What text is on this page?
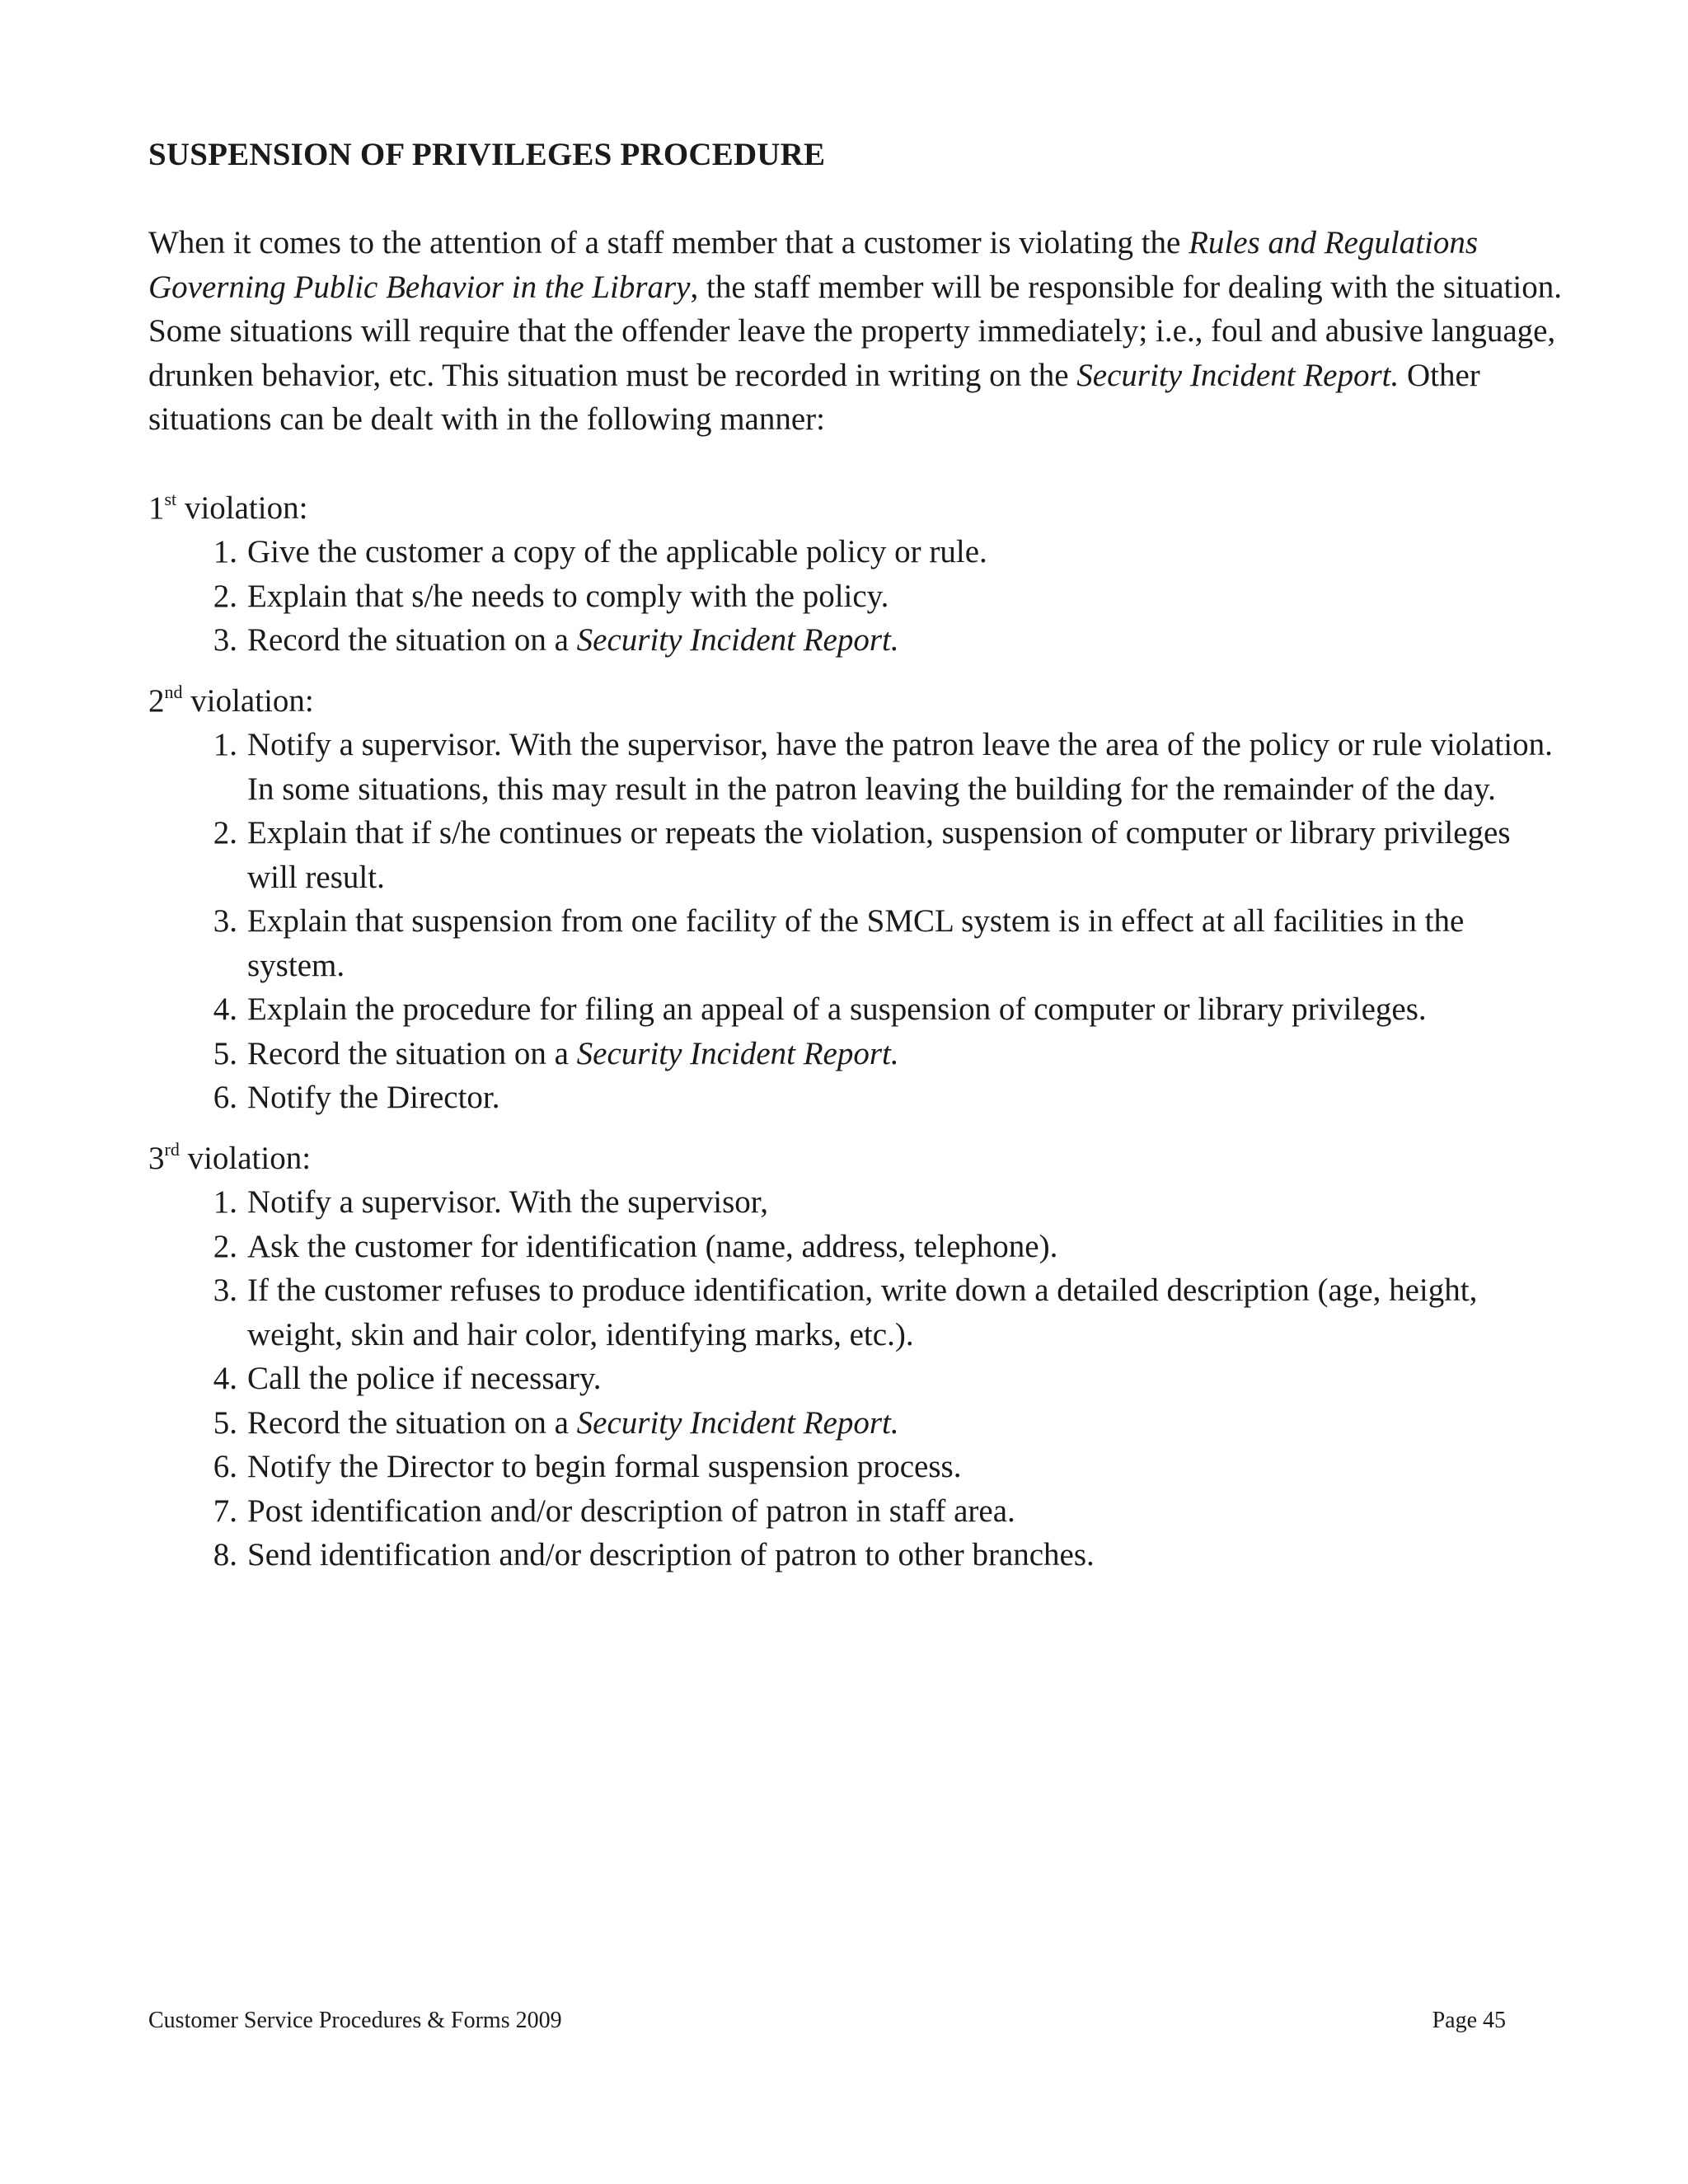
SUSPENSION OF PRIVILEGES PROCEDURE

When it comes to the attention of a staff member that a customer is violating the Rules and Regulations Governing Public Behavior in the Library, the staff member will be responsible for dealing with the situation. Some situations will require that the offender leave the property immediately; i.e., foul and abusive language, drunken behavior, etc. This situation must be recorded in writing on the Security Incident Report. Other situations can be dealt with in the following manner:

1st violation:

1. Give the customer a copy of the applicable policy or rule.
2. Explain that s/he needs to comply with the policy.
3. Record the situation on a Security Incident Report.

2nd violation:

1. Notify a supervisor. With the supervisor, have the patron leave the area of the policy or rule violation. In some situations, this may result in the patron leaving the building for the remainder of the day.
2. Explain that if s/he continues or repeats the violation, suspension of computer or library privileges will result.
3. Explain that suspension from one facility of the SMCL system is in effect at all facilities in the system.
4. Explain the procedure for filing an appeal of a suspension of computer or library privileges.
5. Record the situation on a Security Incident Report.
6. Notify the Director.

3rd violation:

1. Notify a supervisor. With the supervisor,
2. Ask the customer for identification (name, address, telephone).
3. If the customer refuses to produce identification, write down a detailed description (age, height, weight, skin and hair color, identifying marks, etc.).
4. Call the police if necessary.
5. Record the situation on a Security Incident Report.
6. Notify the Director to begin formal suspension process.
7. Post identification and/or description of patron in staff area.
8. Send identification and/or description of patron to other branches.
Customer Service Procedures & Forms 2009	Page 45
